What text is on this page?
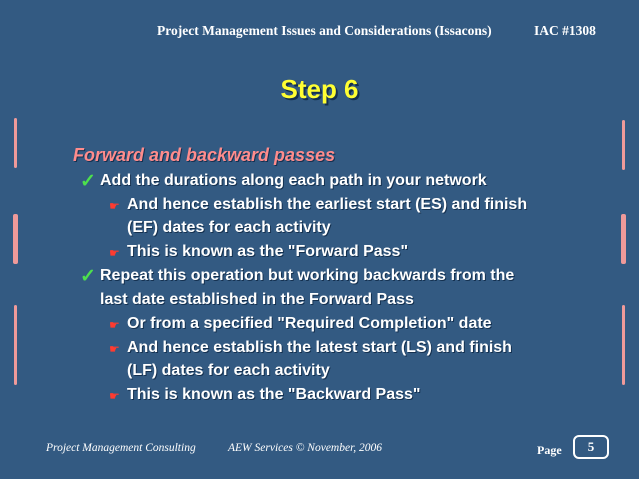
Project Management Issues and Considerations (Issacons)	IAC #1308
Step 6
Forward and backward passes
✓ Add the durations along each path in your network
☛ And hence establish the earliest start (ES) and finish
(EF) dates for each activity
☛ This is known as the "Forward Pass"
✓ Repeat this operation but working backwards from the
last date established in the Forward Pass
☛ Or from a specified "Required Completion" date
☛ And hence establish the latest start (LS) and finish
(LF) dates for each activity
☛ This is known as the "Backward Pass"
Project Management Consulting	AEW Services © November, 2006	Page	5
